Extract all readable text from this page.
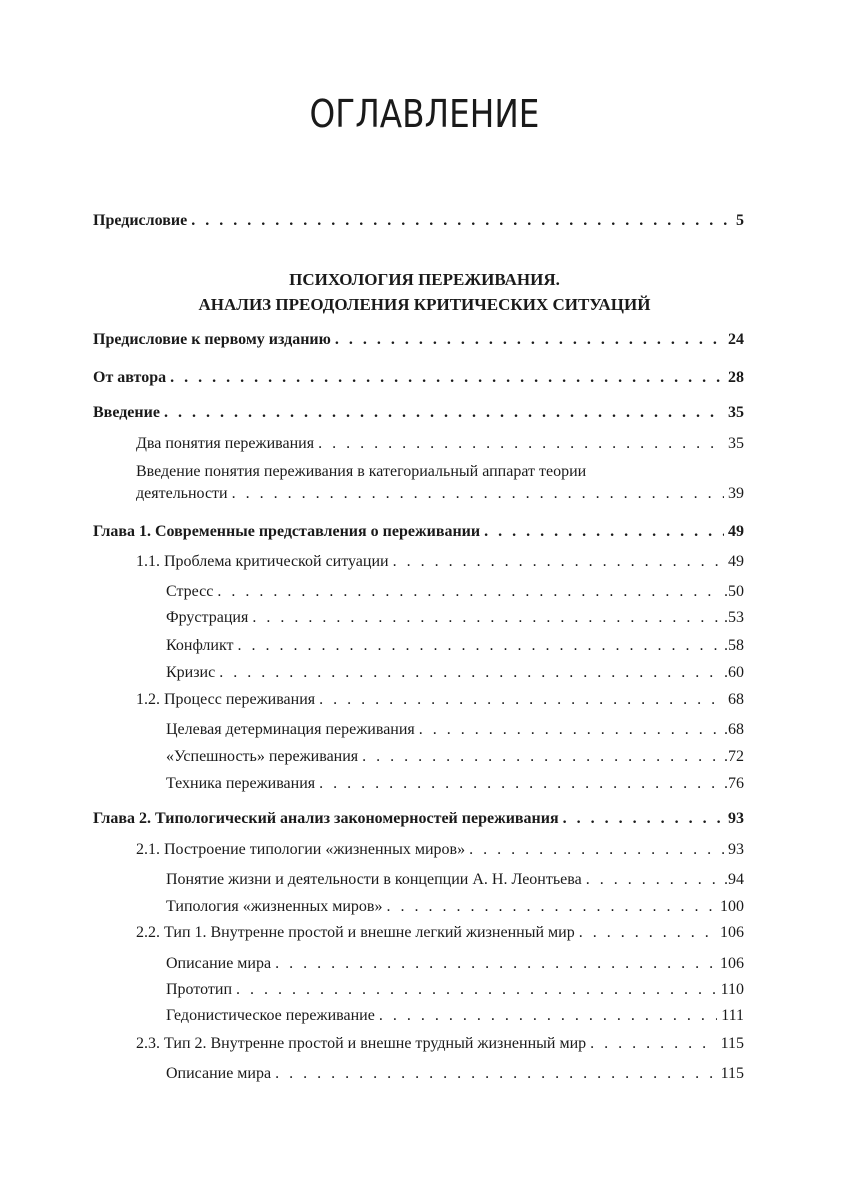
ОГЛАВЛЕНИЕ
Предисловие . . .	5
ПСИХОЛОГИЯ ПЕРЕЖИВАНИЯ.
АНАЛИЗ ПРЕОДОЛЕНИЯ КРИТИЧЕСКИХ СИТУАЦИЙ
Предисловие к первому изданию . . .	24
От автора . . .	28
Введение . . .	35
Два понятия переживания . . .	35
Введение понятия переживания в категориальный аппарат теории
деятельности . . .	39
Глава 1. Современные представления о переживании . . .	49
1.1. Проблема критической ситуации . . .	49
Стресс . . .	.50
Фрустрация . . .	.53
Конфликт . . .	.58
Кризис . . .	.60
1.2. Процесс переживания . . .	68
Целевая детерминация переживания . . .	.68
«Успешность» переживания . . .	.72
Техника переживания . . .	.76
Глава 2. Типологический анализ закономерностей переживания . . .	93
2.1. Построение типологии «жизненных миров» . . .	93
Понятие жизни и деятельности в концепции А. Н. Леонтьева . . .	.94
Типология «жизненных миров» . . .	100
2.2. Тип 1. Внутренне простой и внешне легкий жизненный мир . . .	106
Описание мира . . .	106
Прототип . . .	110
Гедонистическое переживание . . .	111
2.3. Тип 2. Внутренне простой и внешне трудный жизненный мир . . .	115
Описание мира . . .	115
